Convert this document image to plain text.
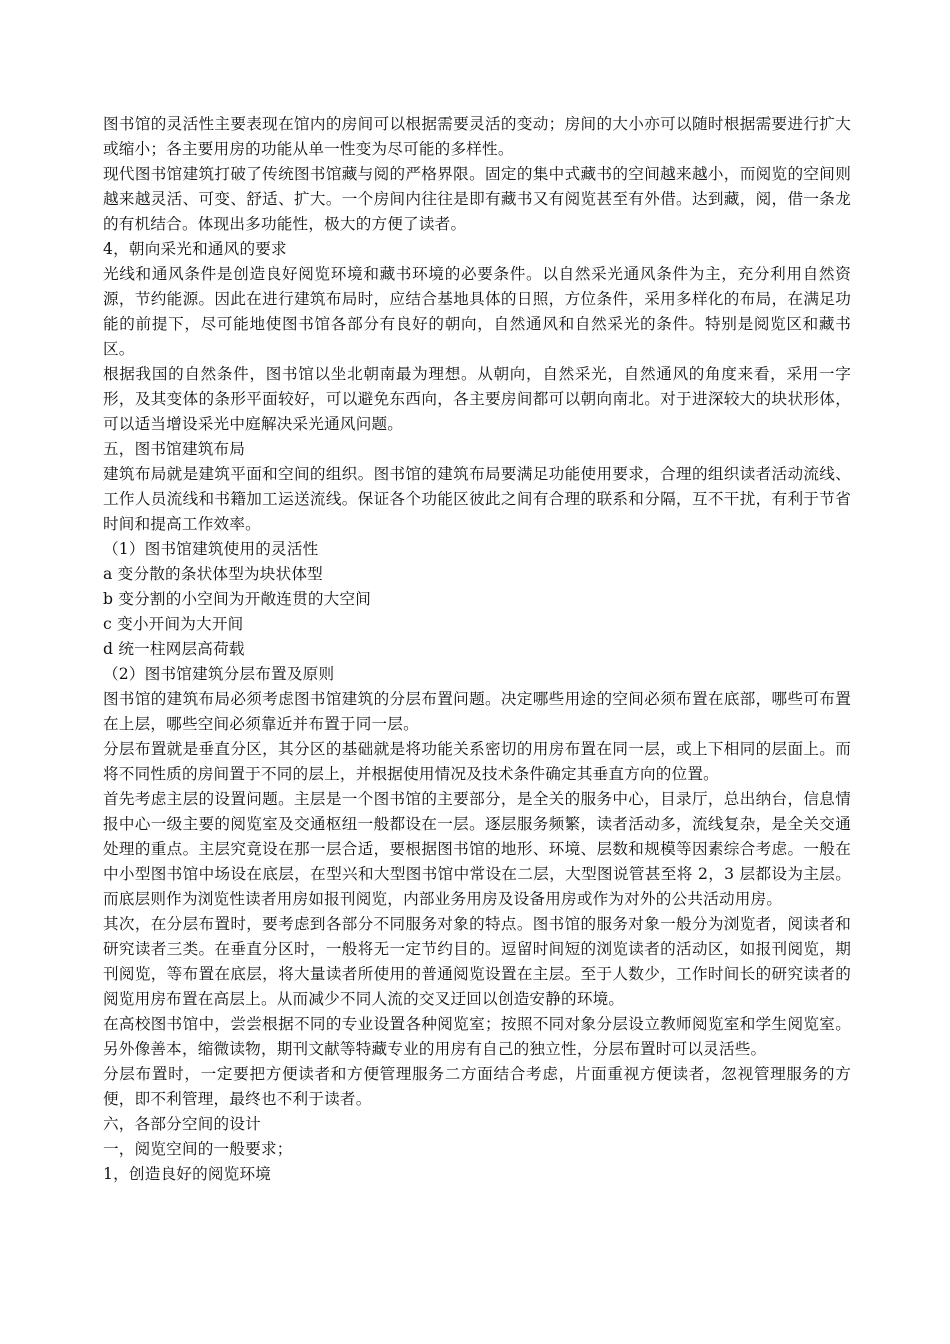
图书馆的灵活性主要表现在馆内的房间可以根据需要灵活的变动；房间的大小亦可以随时根据需要进行扩大或缩小；各主要用房的功能从单一性变为尽可能的多样性。

现代图书馆建筑打破了传统图书馆藏与阅的严格界限。固定的集中式藏书的空间越来越小，而阅览的空间则越来越灵活、可变、舒适、扩大。一个房间内往往是即有藏书又有阅览甚至有外借。达到藏，阅，借一条龙的有机结合。体现出多功能性，极大的方便了读者。

4，朝向采光和通风的要求

光线和通风条件是创造良好阅览环境和藏书环境的必要条件。以自然采光通风条件为主，充分利用自然资源，节约能源。因此在进行建筑布局时，应结合基地具体的日照，方位条件，采用多样化的布局，在满足功能的前提下，尽可能地使图书馆各部分有良好的朝向，自然通风和自然采光的条件。特别是阅览区和藏书区。

根据我国的自然条件，图书馆以坐北朝南最为理想。从朝向，自然采光，自然通风的角度来看，采用一字形，及其变体的条形平面较好，可以避免东西向，各主要房间都可以朝向南北。对于进深较大的块状形体，可以适当增设采光中庭解决采光通风问题。

五，图书馆建筑布局

建筑布局就是建筑平面和空间的组织。图书馆的建筑布局要满足功能使用要求，合理的组织读者活动流线、工作人员流线和书籍加工运送流线。保证各个功能区彼此之间有合理的联系和分隔，互不干扰，有利于节省时间和提高工作效率。

（1）图书馆建筑使用的灵活性

a 变分散的条状体型为块状体型

b 变分割的小空间为开敞连贯的大空间

c 变小开间为大开间

d 统一柱网层高荷载

（2）图书馆建筑分层布置及原则

图书馆的建筑布局必须考虑图书馆建筑的分层布置问题。决定哪些用途的空间必须布置在底部，哪些可布置在上层，哪些空间必须靠近并布置于同一层。

分层布置就是垂直分区，其分区的基础就是将功能关系密切的用房布置在同一层，或上下相同的层面上。而将不同性质的房间置于不同的层上，并根据使用情况及技术条件确定其垂直方向的位置。

首先考虑主层的设置问题。主层是一个图书馆的主要部分，是全关的服务中心，目录厅，总出纳台，信息情报中心一级主要的阅览室及交通枢纽一般都设在一层。逐层服务频繁，读者活动多，流线复杂，是全关交通处理的重点。主层究竟设在那一层合适，要根据图书馆的地形、环境、层数和规模等因素综合考虑。一般在中小型图书馆中场设在底层，在型兴和大型图书馆中常设在二层，大型图说管甚至将 2，3 层都设为主层。而底层则作为浏览性读者用房如报刊阅览，内部业务用房及设备用房或作为对外的公共活动用房。

其次，在分层布置时，要考虑到各部分不同服务对象的特点。图书馆的服务对象一般分为浏览者，阅读者和研究读者三类。在垂直分区时，一般将无一定节约目的。逗留时间短的浏览读者的活动区，如报刊阅览，期刊阅览，等布置在底层，将大量读者所使用的普通阅览设置在主层。至于人数少，工作时间长的研究读者的阅览用房布置在高层上。从而减少不同人流的交叉迂回以创造安静的环境。

在高校图书馆中，尝尝根据不同的专业设置各种阅览室；按照不同对象分层设立教师阅览室和学生阅览室。另外像善本，缩微读物，期刊文献等特藏专业的用房有自己的独立性，分层布置时可以灵活些。

分层布置时，一定要把方便读者和方便管理服务二方面结合考虑，片面重视方便读者，忽视管理服务的方便，即不利管理，最终也不利于读者。

六，各部分空间的设计

一，阅览空间的一般要求；

1，创造良好的阅览环境
